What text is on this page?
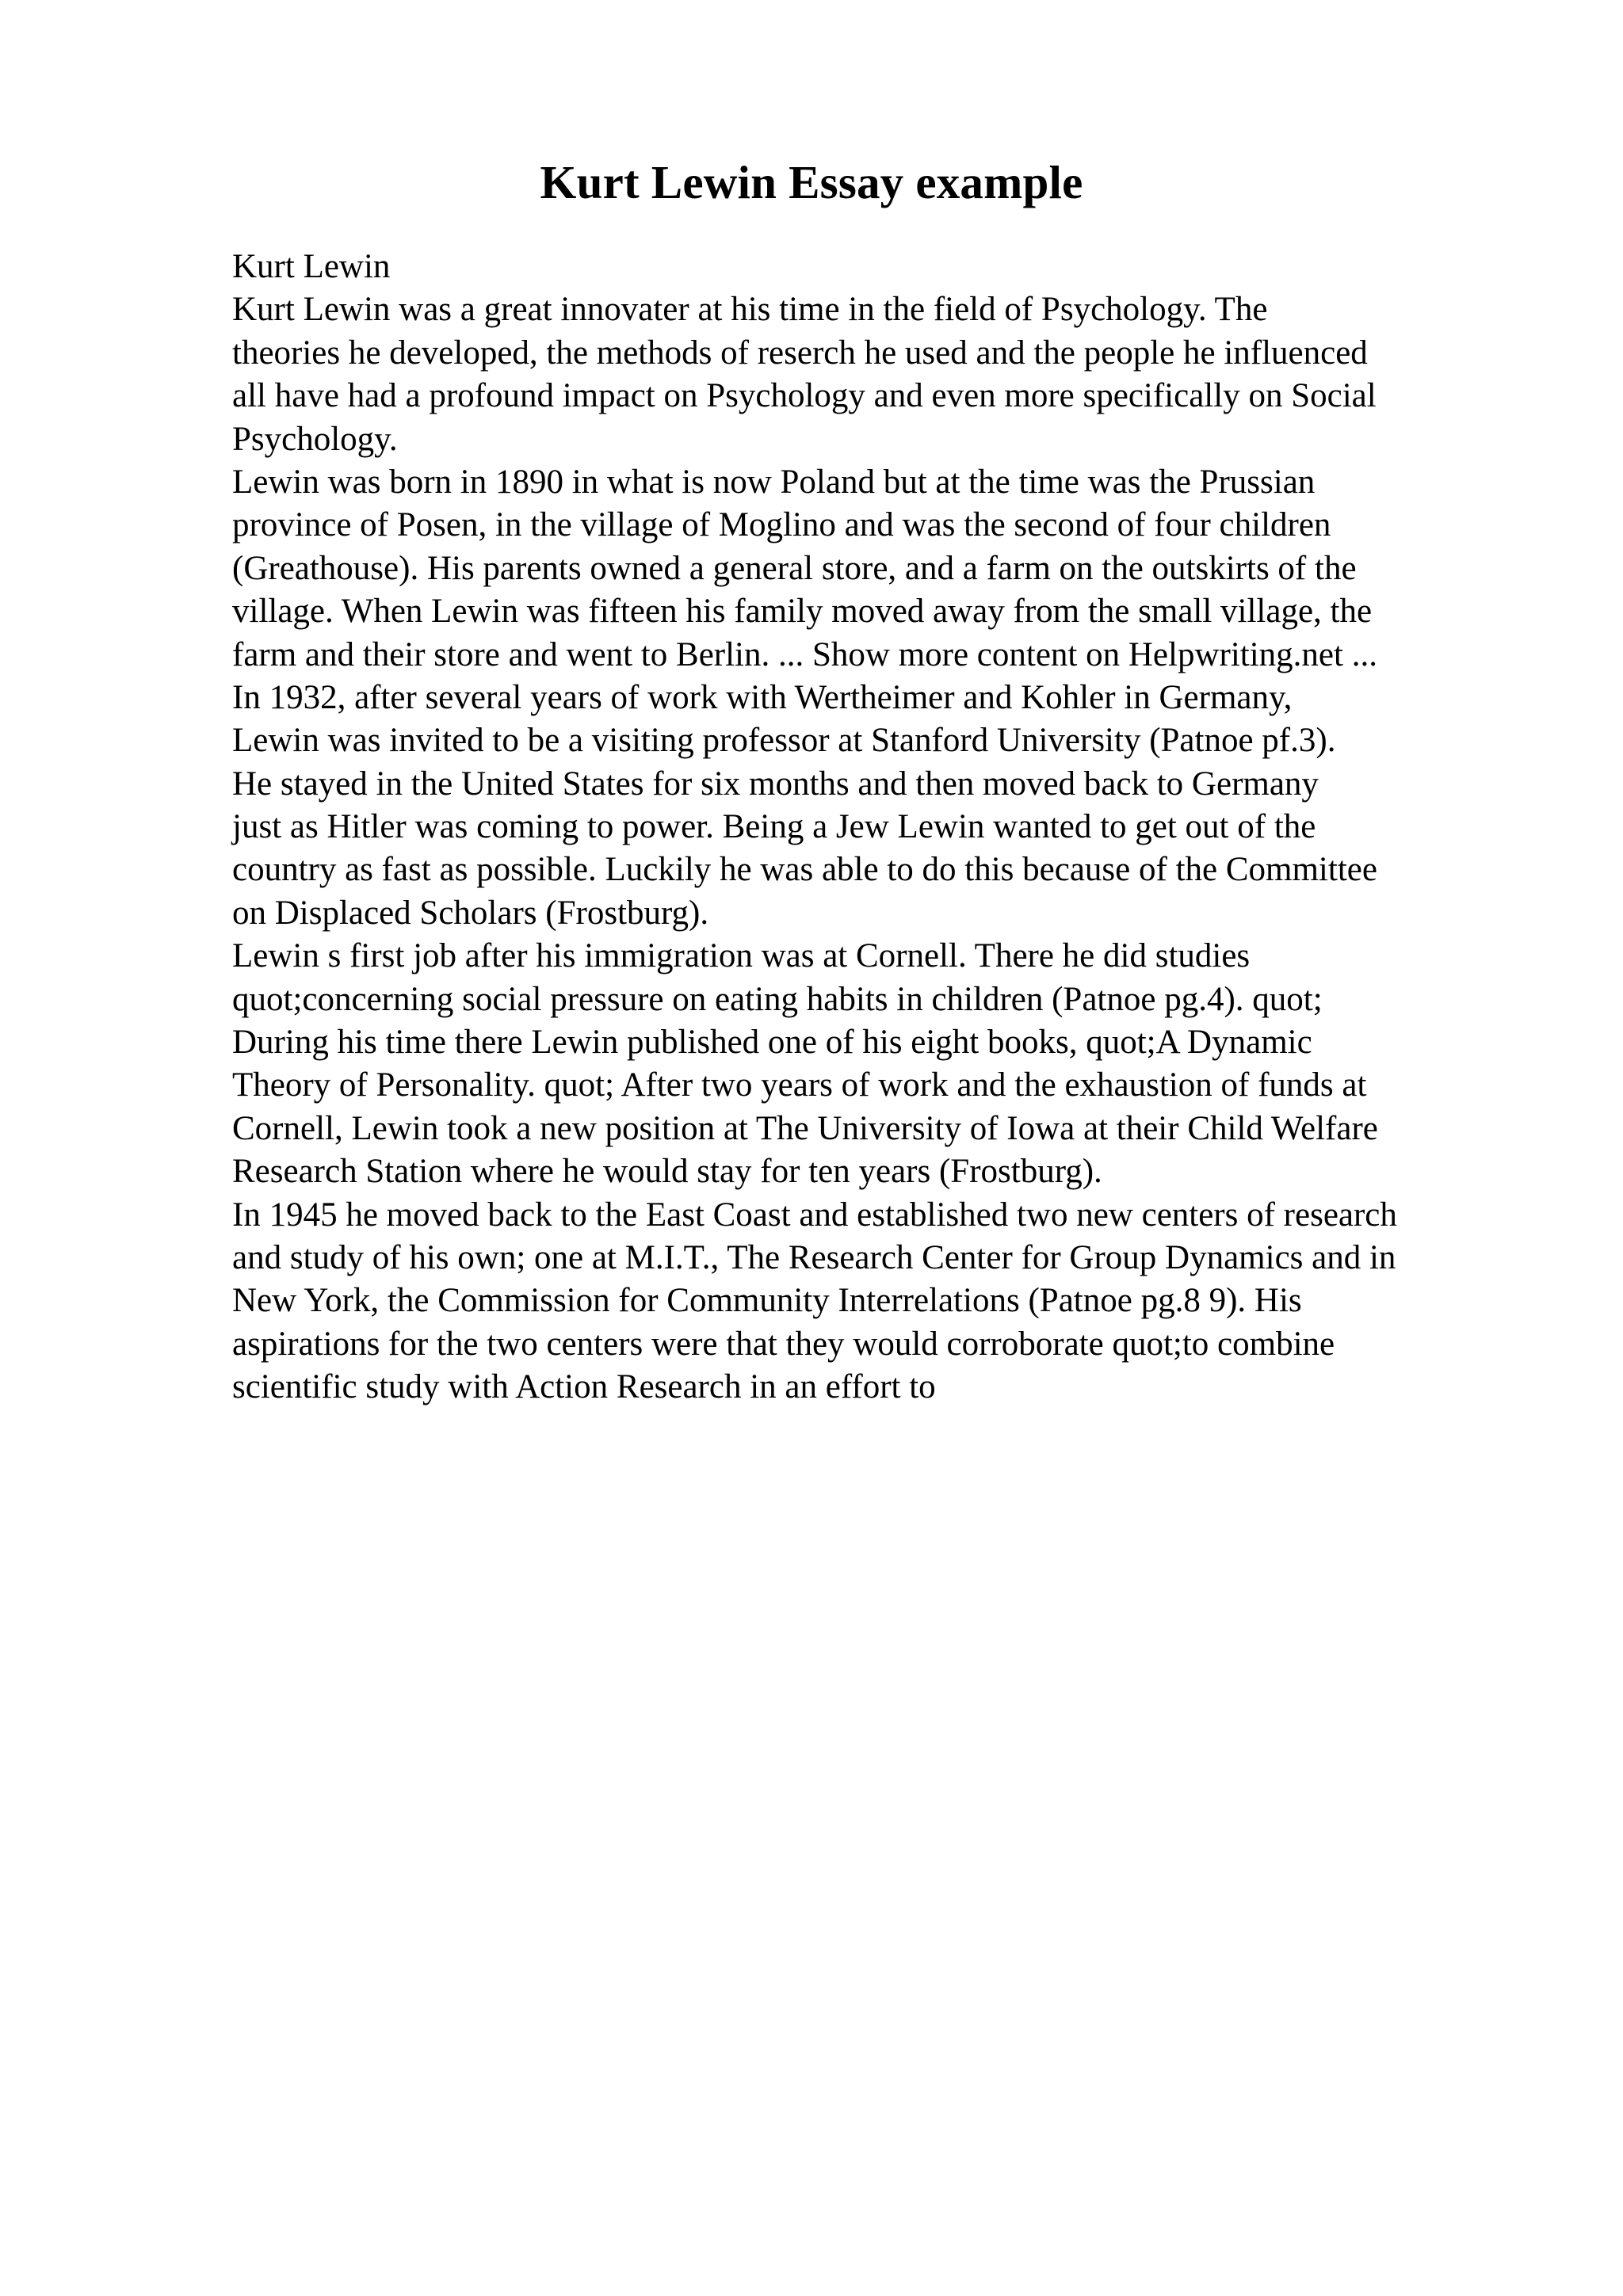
Kurt Lewin Essay example
Kurt Lewin
Kurt Lewin was a great innovater at his time in the field of Psychology. The
theories he developed, the methods of reserch he used and the people he influenced
all have had a profound impact on Psychology and even more specifically on Social
Psychology.
Lewin was born in 1890 in what is now Poland but at the time was the Prussian
province of Posen, in the village of Moglino and was the second of four children
(Greathouse). His parents owned a general store, and a farm on the outskirts of the
village. When Lewin was fifteen his family moved away from the small village, the
farm and their store and went to Berlin. ... Show more content on Helpwriting.net ...
In 1932, after several years of work with Wertheimer and Kohler in Germany,
Lewin was invited to be a visiting professor at Stanford University (Patnoe pf.3).
He stayed in the United States for six months and then moved back to Germany
just as Hitler was coming to power. Being a Jew Lewin wanted to get out of the
country as fast as possible. Luckily he was able to do this because of the Committee
on Displaced Scholars (Frostburg).
Lewin s first job after his immigration was at Cornell. There he did studies
quot;concerning social pressure on eating habits in children (Patnoe pg.4). quot;
During his time there Lewin published one of his eight books, quot;A Dynamic
Theory of Personality. quot; After two years of work and the exhaustion of funds at
Cornell, Lewin took a new position at The University of Iowa at their Child Welfare
Research Station where he would stay for ten years (Frostburg).
In 1945 he moved back to the East Coast and established two new centers of research
and study of his own; one at M.I.T., The Research Center for Group Dynamics and in
New York, the Commission for Community Interrelations (Patnoe pg.8 9). His
aspirations for the two centers were that they would corroborate quot;to combine
scientific study with Action Research in an effort to
